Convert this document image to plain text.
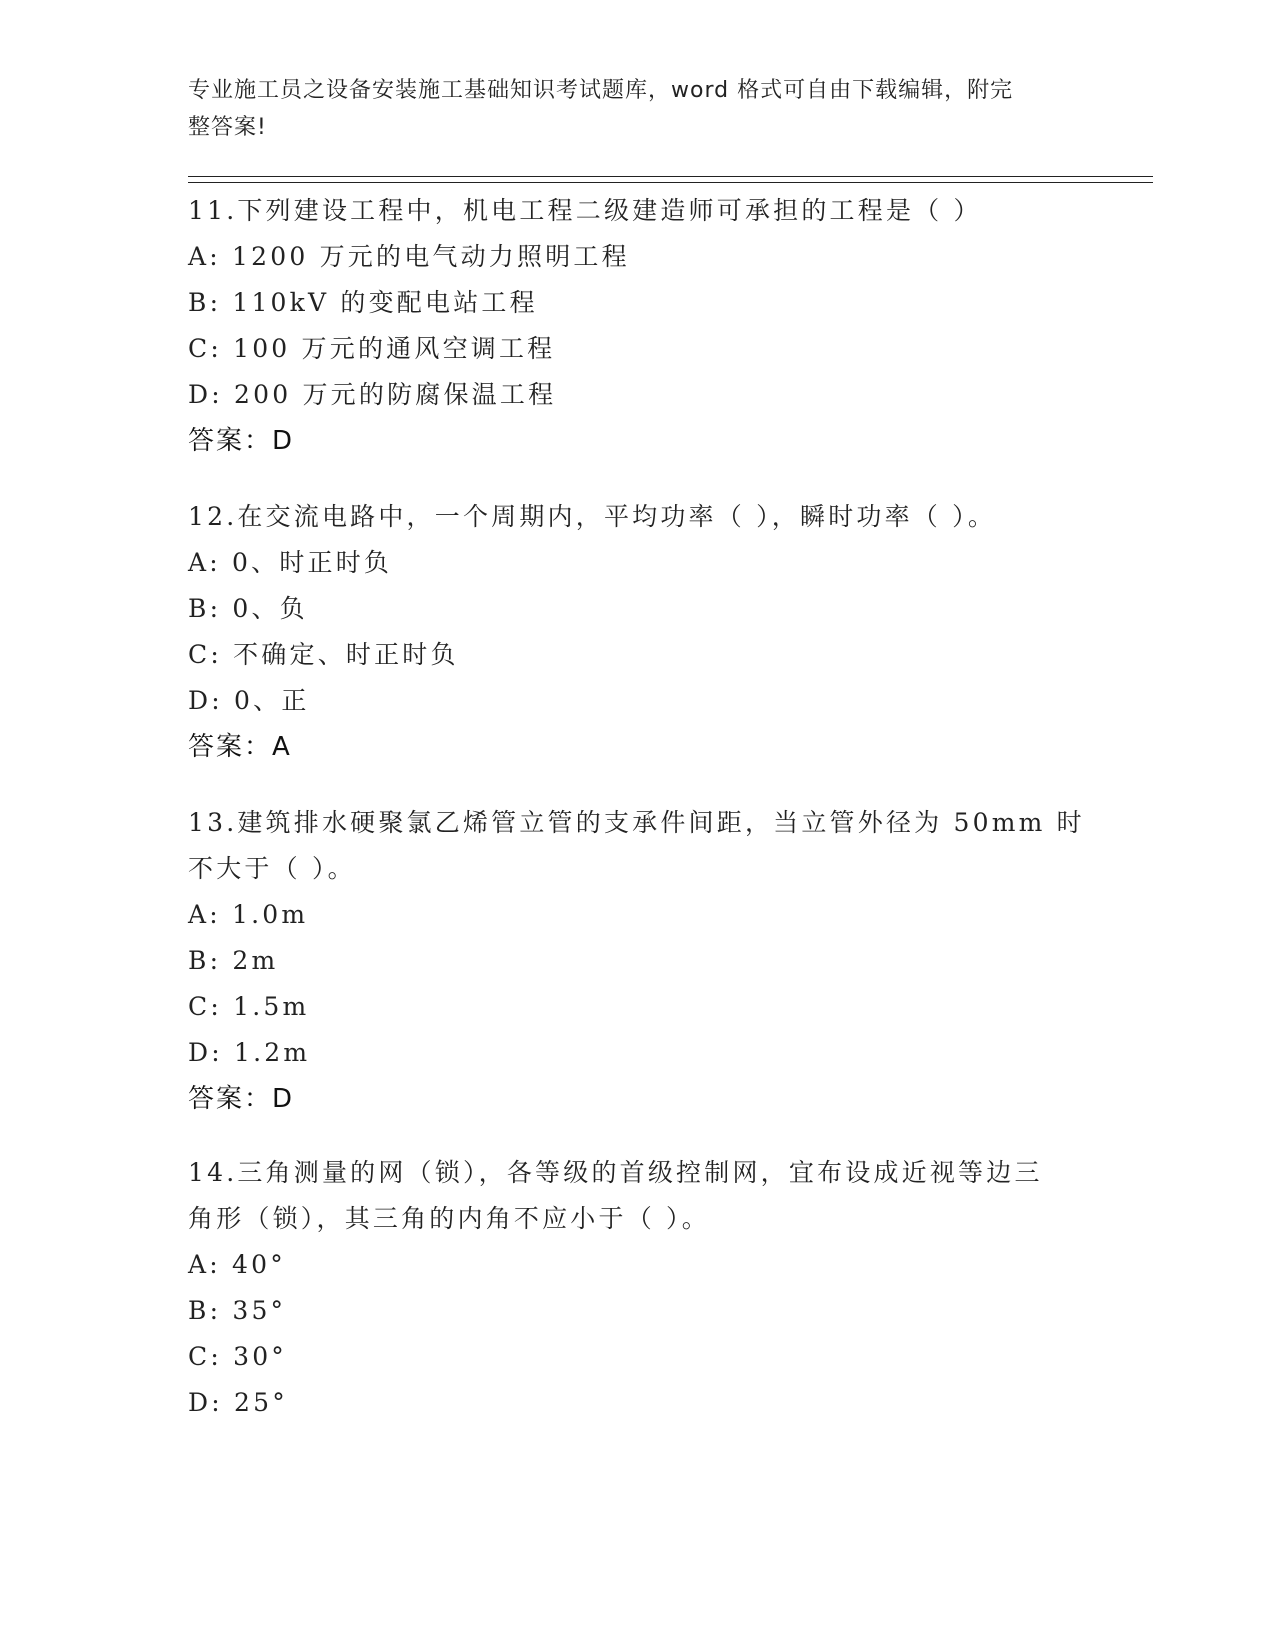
专业施工员之设备安装施工基础知识考试题库，word 格式可自由下载编辑，附完
整答案!

11.下列建设工程中，机电工程二级建造师可承担的工程是（ ）

A: 1200 万元的电气动力照明工程

B: 110kV 的变配电站工程

C: 100 万元的通风空调工程

D: 200 万元的防腐保温工程

答案：D

12.在交流电路中，一个周期内，平均功率（ ），瞬时功率（ ）。

A: 0、时正时负

B: 0、负

C: 不确定、时正时负

D: 0、正

答案：A

13.建筑排水硬聚氯乙烯管立管的支承件间距，当立管外径为 50mm 时

不大于（ ）。

A: 1.0m

B: 2m

C: 1.5m

D: 1.2m

答案：D

14.三角测量的网（锁），各等级的首级控制网，宜布设成近视等边三

角形（锁），其三角的内角不应小于（ ）。

A: 40°

B: 35°

C: 30°

D: 25°
